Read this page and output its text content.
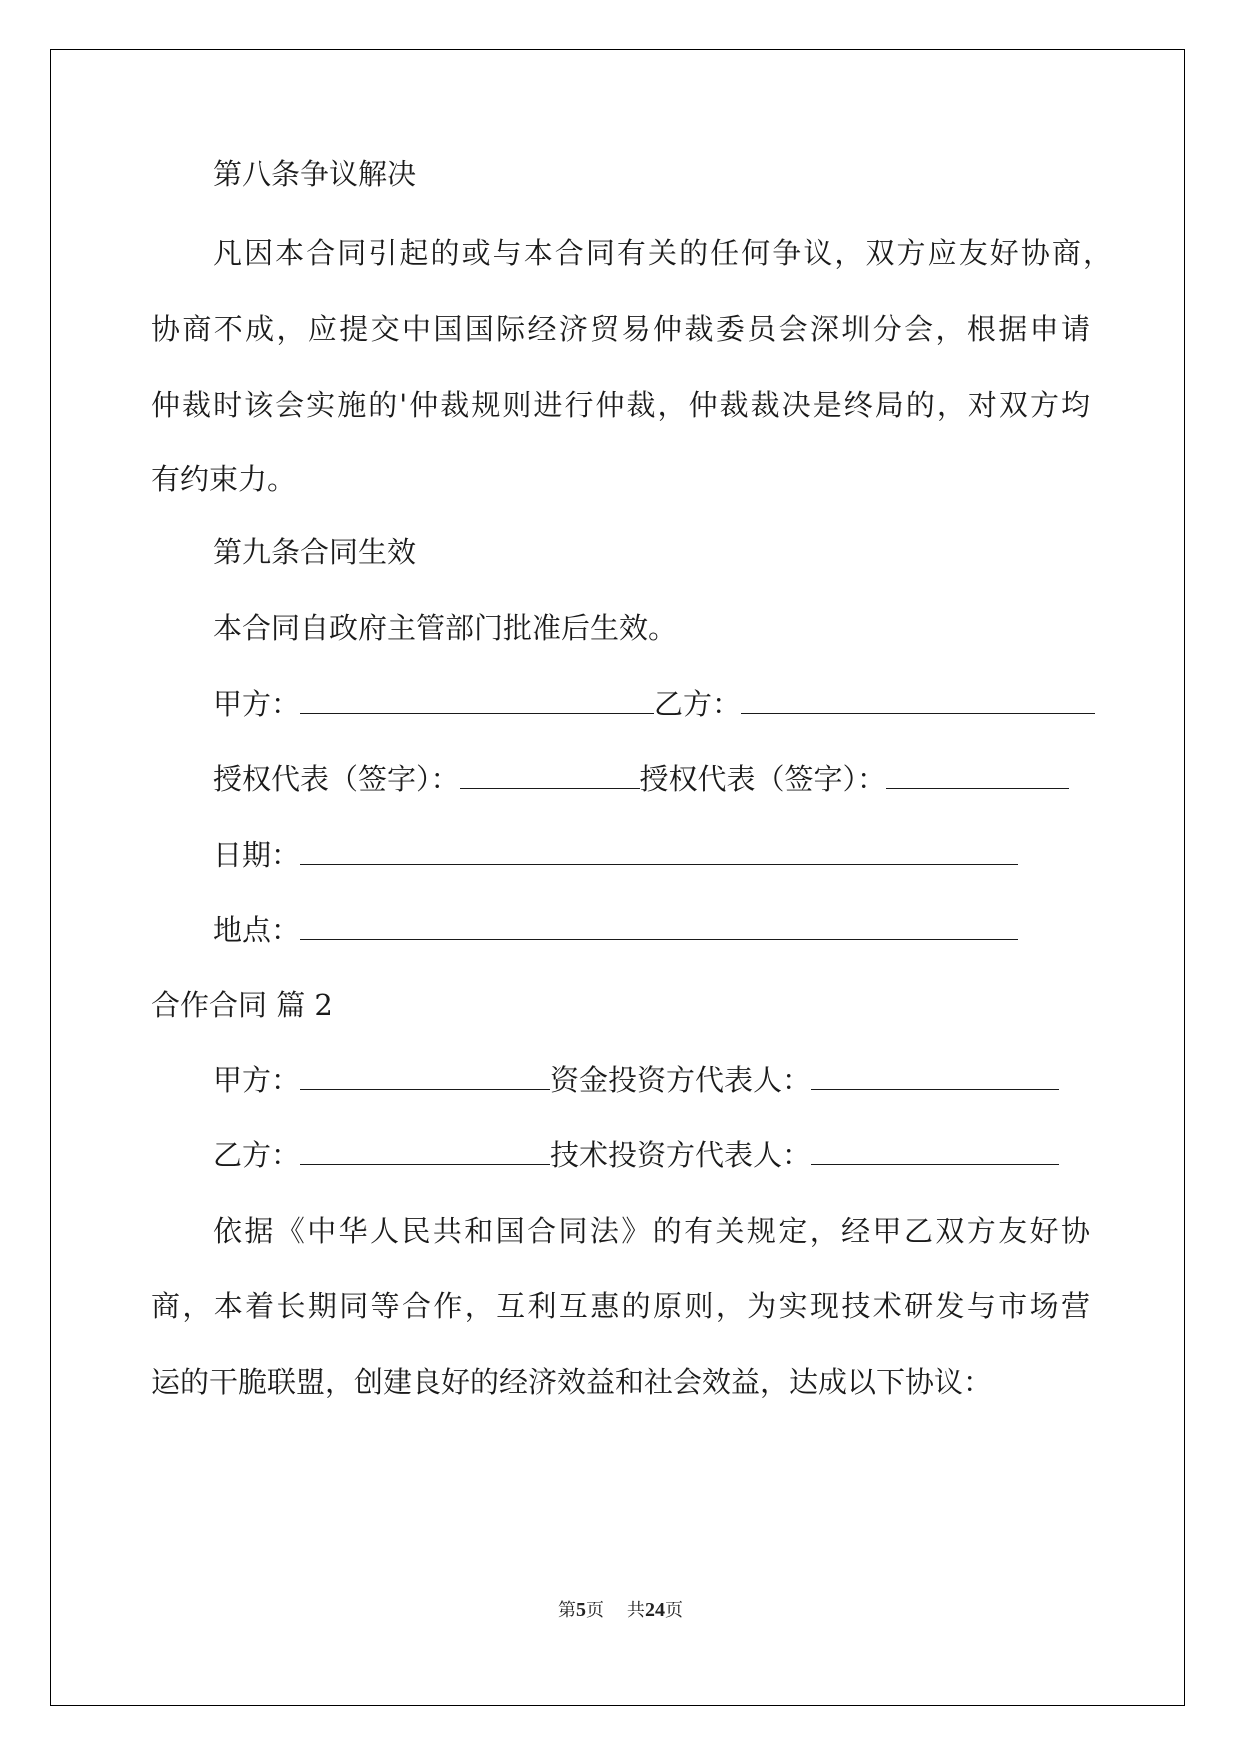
第八条争议解决
凡因本合同引起的或与本合同有关的任何争议，双方应友好协商，
协商不成，应提交中国国际经济贸易仲裁委员会深圳分会，根据申请
仲裁时该会实施的'仲裁规则进行仲裁，仲裁裁决是终局的，对双方均
有约束力。
第九条合同生效
本合同自政府主管部门批准后生效。
甲方：	乙方：
授权代表（签字）：	授权代表（签字）：
日期：
地点：
合作合同 篇 2
甲方：	资金投资方代表人：
乙方：	技术投资方代表人：
依据《中华人民共和国合同法》的有关规定，经甲乙双方友好协
商，本着长期同等合作，互利互惠的原则，为实现技术研发与市场营
运的干脆联盟，创建良好的经济效益和社会效益，达成以下协议：
第5页    共24页
